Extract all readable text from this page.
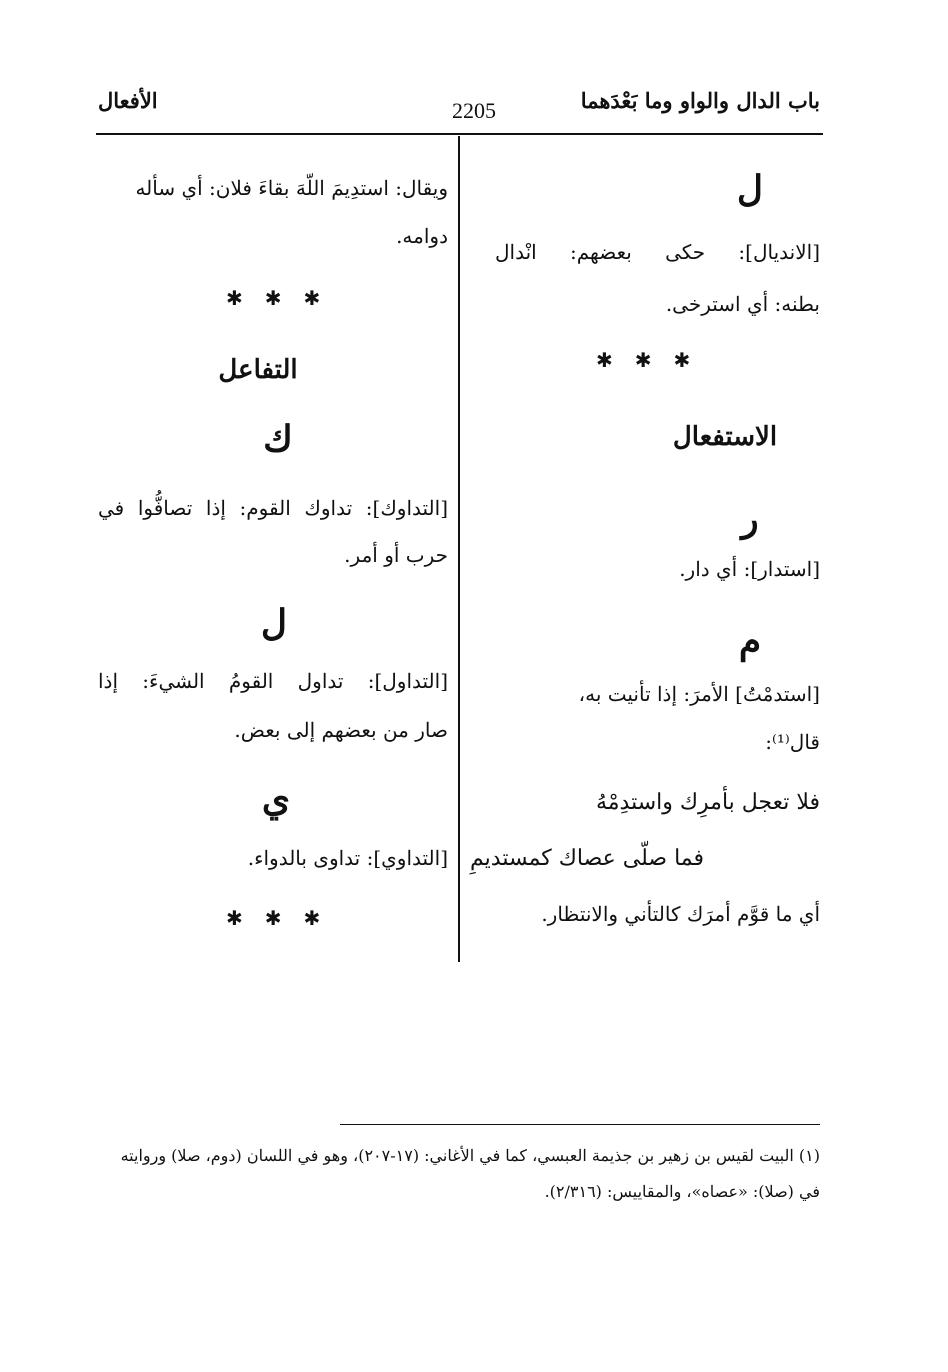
باب الدال والواو وما بَعْدَهما
2205
الأفعال
ل
[الانديال]: حكى بعضهم: انْدال
بطنه: أي استرخى.
✱ ✱ ✱
الاستفعال
ر
[استدار]: أي دار.
م
[استدمْتُ] الأمرَ: إذا تأنيت به،
قال⁽¹⁾:
فلا تعجل بأمرِك واستدِمْهُ
فما صلّى عصاك كمستديمِ
أي ما قوَّم أمرَك كالتأني والانتظار.
ويقال: استدِيمَ اللّهَ بقاءَ فلان: أي سأله
دوامه.
✱ ✱ ✱
التفاعل
ك
[التداوك]: تداوك القوم: إذا تصافُّوا في
حرب أو أمر.
ل
[التداول]: تداول القومُ الشيءَ: إذا
صار من بعضهم إلى بعض.
ي
[التداوي]: تداوى بالدواء.
✱ ✱ ✱
(١) البيت لقيس بن زهير بن جذيمة العبسي، كما في الأغاني: (١٧-٢٠٧)، وهو في اللسان (دوم، صلا) وروايته
في (صلا): «عصاه»، والمقاييس: (٢/٣١٦).
